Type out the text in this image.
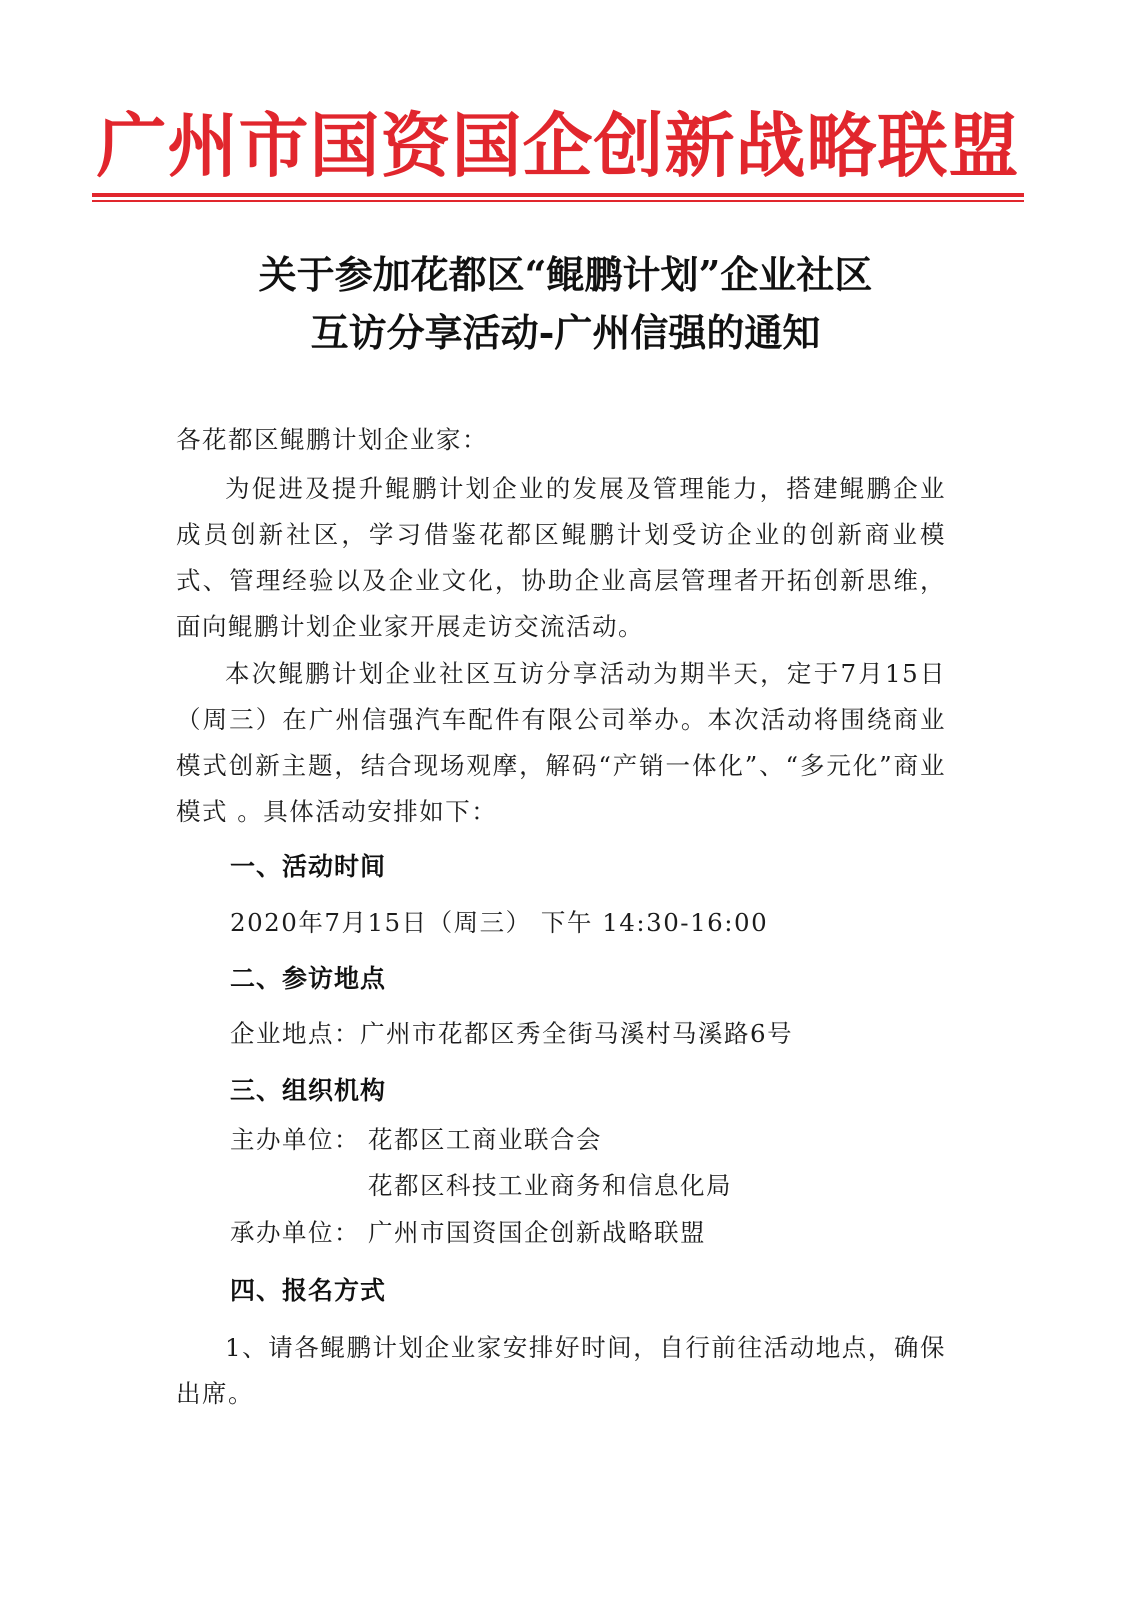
广州市国资国企创新战略联盟
关于参加花都区“鲲鹏计划”企业社区
互访分享活动-广州信强的通知
各花都区鲲鹏计划企业家：

为促进及提升鲲鹏计划企业的发展及管理能力，搭建鲲鹏企业成员创新社区，学习借鉴花都区鲲鹏计划受访企业的创新商业模式、管理经验以及企业文化，协助企业高层管理者开拓创新思维，面向鲲鹏计划企业家开展走访交流活动。

本次鲲鹏计划企业社区互访分享活动为期半天，定于7月15日（周三）在广州信强汽车配件有限公司举办。本次活动将围绕商业模式创新主题，结合现场观摩，解码“产销一体化”、“多元化”商业模式 。具体活动安排如下：

一、活动时间
2020年7月15日（周三） 下午 14:30-16:00
二、参访地点
企业地点：广州市花都区秀全街马溪村马溪路6号
三、组织机构
主办单位： 花都区工商业联合会
花都区科技工业商务和信息化局
承办单位： 广州市国资国企创新战略联盟
四、报名方式

1、请各鲲鹏计划企业家安排好时间，自行前往活动地点，确保出席。
